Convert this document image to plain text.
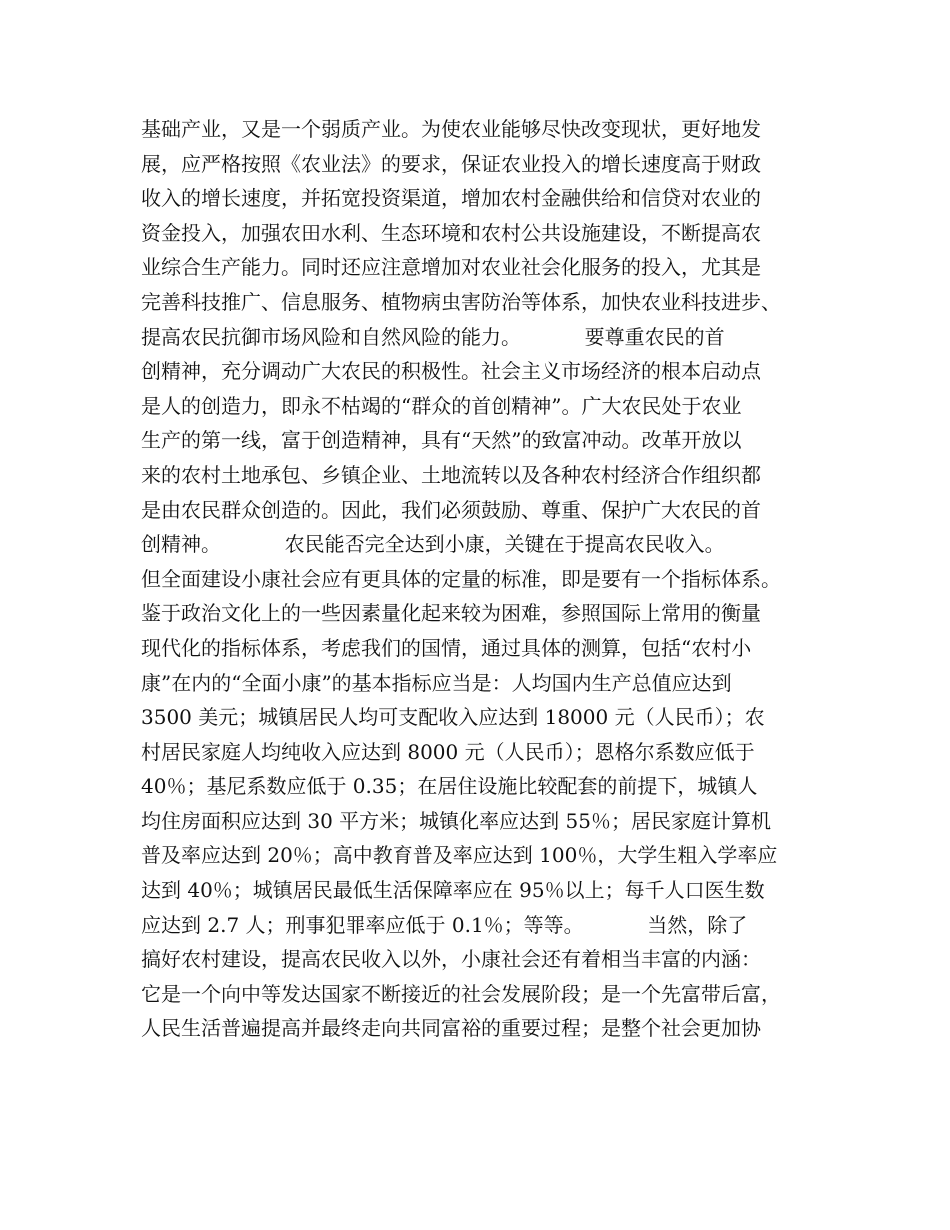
基础产业，又是一个弱质产业。为使农业能够尽快改变现状，更好地发
展，应严格按照《农业法》的要求，保证农业投入的增长速度高于财政
收入的增长速度，并拓宽投资渠道，增加农村金融供给和信贷对农业的
资金投入，加强农田水利、生态环境和农村公共设施建设，不断提高农
业综合生产能力。同时还应注意增加对农业社会化服务的投入，尤其是
完善科技推广、信息服务、植物病虫害防治等体系，加快农业科技进步、
提高农民抗御市场风险和自然风险的能力。          要尊重农民的首
创精神，充分调动广大农民的积极性。社会主义市场经济的根本启动点
是人的创造力，即永不枯竭的“群众的首创精神”。广大农民处于农业
生产的第一线，富于创造精神，具有“天然”的致富冲动。改革开放以
来的农村土地承包、乡镇企业、土地流转以及各种农村经济合作组织都
是由农民群众创造的。因此，我们必须鼓励、尊重、保护广大农民的首
创精神。          农民能否完全达到小康，关键在于提高农民收入。
但全面建设小康社会应有更具体的定量的标准，即是要有一个指标体系。
鉴于政治文化上的一些因素量化起来较为困难，参照国际上常用的衡量
现代化的指标体系，考虑我们的国情，通过具体的测算，包括“农村小
康”在内的“全面小康”的基本指标应当是：人均国内生产总值应达到
3500 美元；城镇居民人均可支配收入应达到 18000 元（人民币）；农
村居民家庭人均纯收入应达到 8000 元（人民币）；恩格尔系数应低于
40％；基尼系数应低于 0.35；在居住设施比较配套的前提下，城镇人
均住房面积应达到 30 平方米；城镇化率应达到 55％；居民家庭计算机
普及率应达到 20％；高中教育普及率应达到 100％，大学生粗入学率应
达到 40％；城镇居民最低生活保障率应在 95％以上；每千人口医生数
应达到 2.7 人；刑事犯罪率应低于 0.1％；等等。          当然，除了
搞好农村建设，提高农民收入以外，小康社会还有着相当丰富的内涵：
它是一个向中等发达国家不断接近的社会发展阶段；是一个先富带后富，
人民生活普遍提高并最终走向共同富裕的重要过程；是整个社会更加协
